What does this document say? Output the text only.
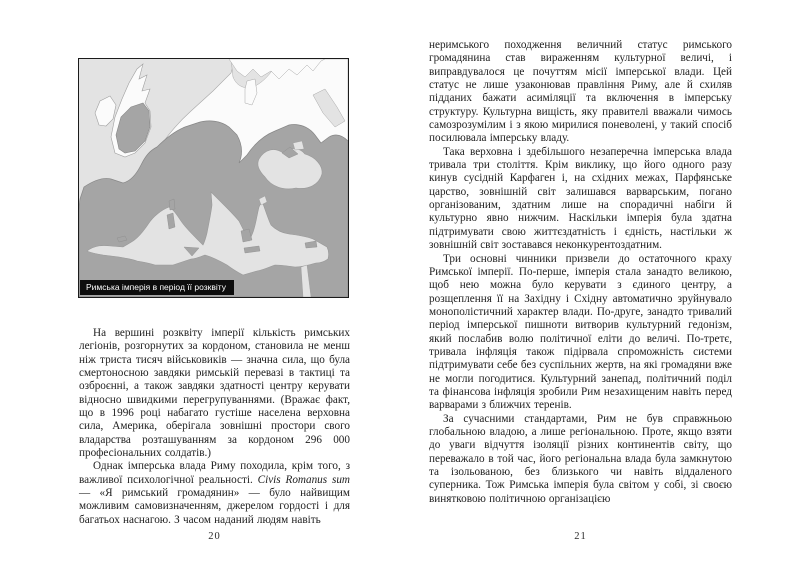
Римська імперія в період її розквіту

На вершині розквіту імперії кількість римських легіонів, розгорнутих за кордоном, становила не менш ніж триста тисяч військовиків — значна сила, що була смертоносною завдяки римській перевазі в тактиці та озброєнні, а також завдяки здатності центру керувати відносно швидкими перегрупуваннями. (Вражає факт, що в 1996 році набагато густіше населена верховна сила, Америка, оберігала зовнішні простори свого владарства розташуванням за кордоном 296 000 професіональних солдатів.)

Однак імперська влада Риму походила, крім того, з важливої психологічної реальності. Civis Romanus sum — «Я римський громадянин» — було найвищим можливим самовизначенням, джерелом гордості і для багатьох наснагою. З часом наданий людям навіть

неримського походження величний статус римського громадянина став вираженням культурної величі, і виправдувалося це почуттям місії імперської влади. Цей статус не лише узаконював правління Риму, але й схиляв підданих бажати асиміляції та включення в імперську структуру. Культурна вищість, яку правителі вважали чимось самозрозумілим і з якою мирилися поневолені, у такий спосіб посилювала імперську владу.

Така верховна і здебільшого незаперечна імперська влада тривала три століття. Крім виклику, що його одного разу кинув сусідній Карфаген і, на східних межах, Парфянське царство, зовнішній світ залишався варварським, погано організованим, здатним лише на спорадичні набіги й культурно явно нижчим. Наскільки імперія була здатна підтримувати свою життєздатність і єдність, настільки ж зовнішній світ зоставався неконкурентоздатним.

Три основні чинники призвели до остаточного краху Римської імперії. По-перше, імперія стала занадто великою, щоб нею можна було керувати з єдиного центру, а розщеплення її на Західну і Східну автоматично зруйнувало монополістичний характер влади. По-друге, занадто тривалий період імперської пишноти витворив культурний гедонізм, який послабив волю політичної еліти до величі. По-третє, тривала інфляція також підірвала спроможність системи підтримувати себе без суспільних жертв, на які громадяни вже не могли погодитися. Культурний занепад, політичний поділ та фінансова інфляція зробили Рим незахищеним навіть перед варварами з ближчих теренів.

За сучасними стандартами, Рим не був справжньою глобальною владою, а лише регіональною. Проте, якщо взяти до уваги відчуття ізоляції різних континентів світу, що переважало в той час, його регіональна влада була замкнутою та ізольованою, без близького чи навіть віддаленого суперника. Тож Римська імперія була світом у собі, зі своєю винятковою політичною організацією

20	21
